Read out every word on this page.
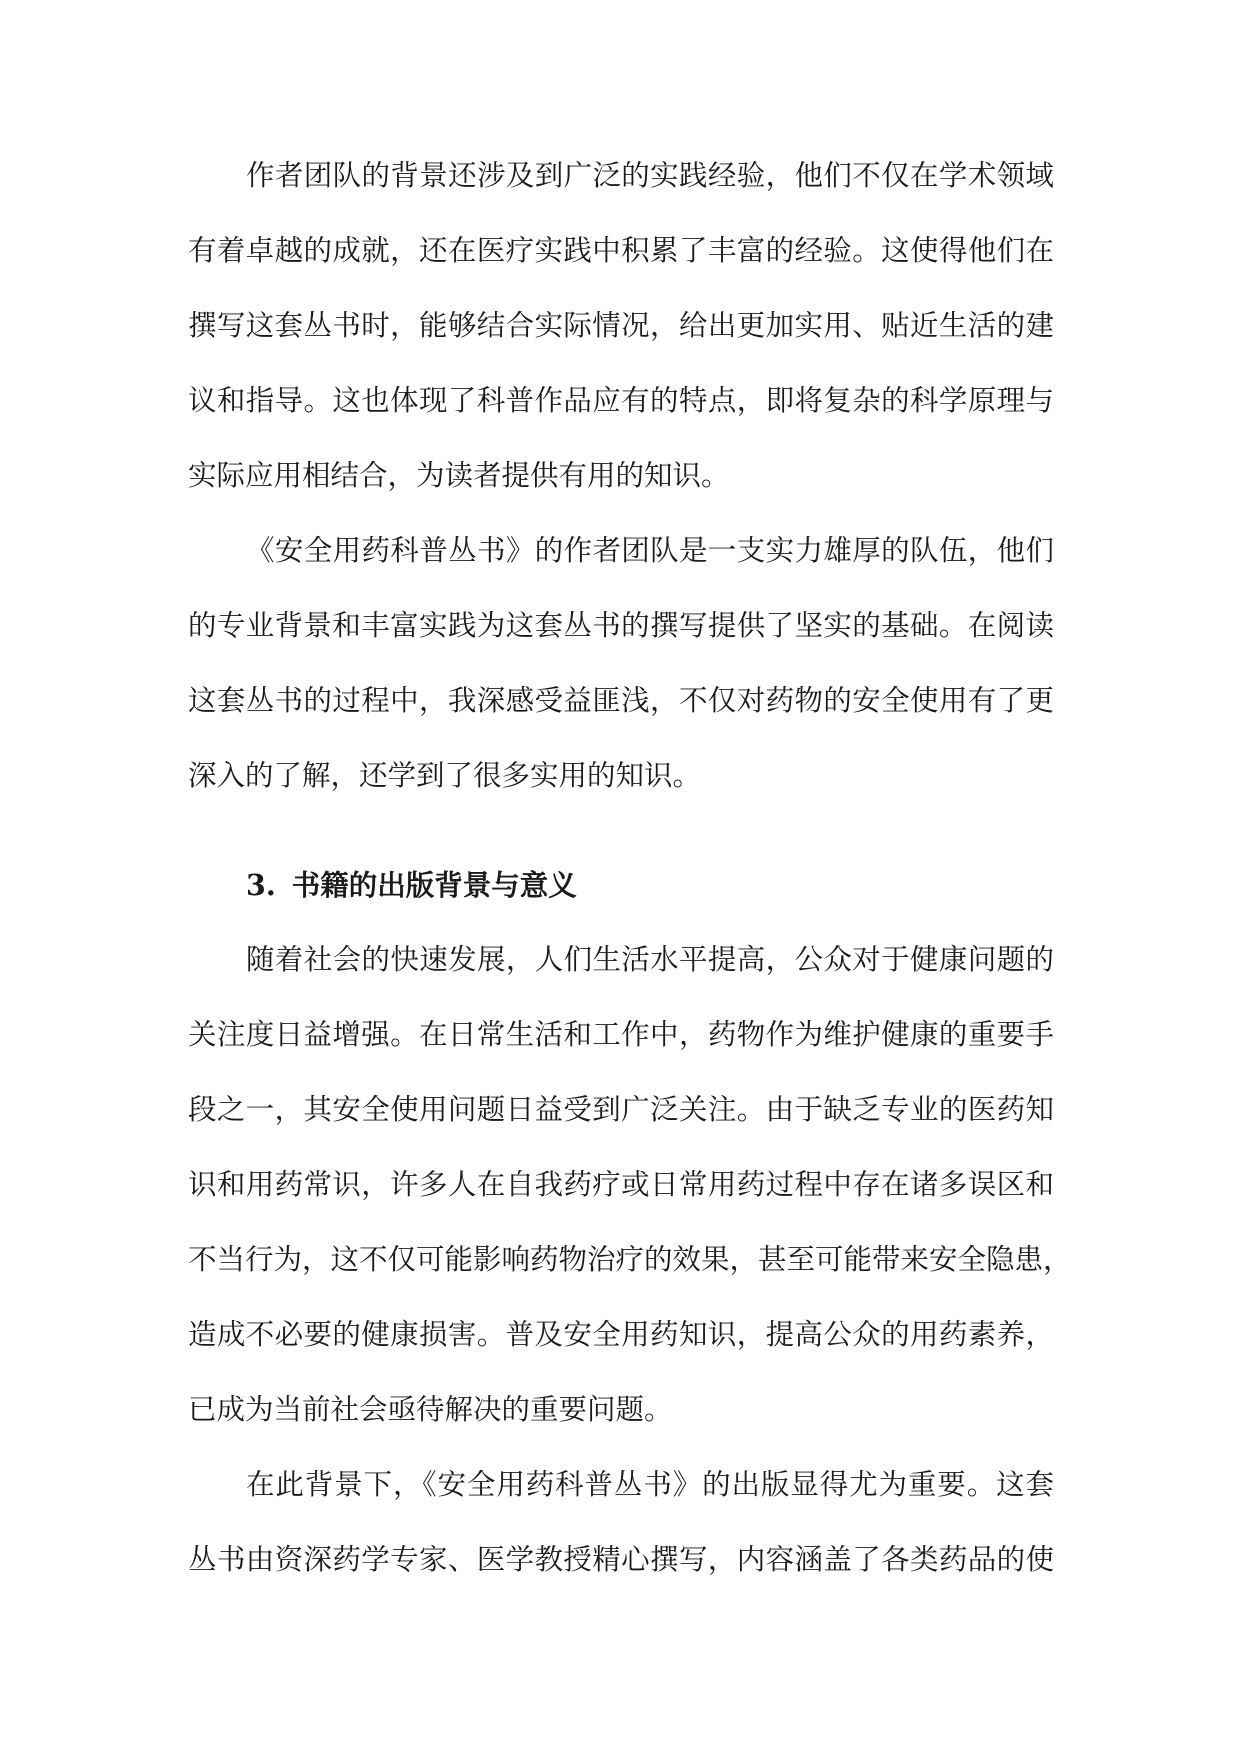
作者团队的背景还涉及到广泛的实践经验，他们不仅在学术领域
有着卓越的成就，还在医疗实践中积累了丰富的经验。这使得他们在
撰写这套丛书时，能够结合实际情况，给出更加实用、贴近生活的建
议和指导。这也体现了科普作品应有的特点，即将复杂的科学原理与
实际应用相结合，为读者提供有用的知识。
《安全用药科普丛书》的作者团队是一支实力雄厚的队伍，他们
的专业背景和丰富实践为这套丛书的撰写提供了坚实的基础。在阅读
这套丛书的过程中，我深感受益匪浅，不仅对药物的安全使用有了更
深入的了解，还学到了很多实用的知识。
3. 书籍的出版背景与意义
随着社会的快速发展，人们生活水平提高，公众对于健康问题的
关注度日益增强。在日常生活和工作中，药物作为维护健康的重要手
段之一，其安全使用问题日益受到广泛关注。由于缺乏专业的医药知
识和用药常识，许多人在自我药疗或日常用药过程中存在诸多误区和
不当行为，这不仅可能影响药物治疗的效果，甚至可能带来安全隐患，
造成不必要的健康损害。普及安全用药知识，提高公众的用药素养，
已成为当前社会亟待解决的重要问题。
在此背景下，《安全用药科普丛书》的出版显得尤为重要。这套
丛书由资深药学专家、医学教授精心撰写，内容涵盖了各类药品的使
